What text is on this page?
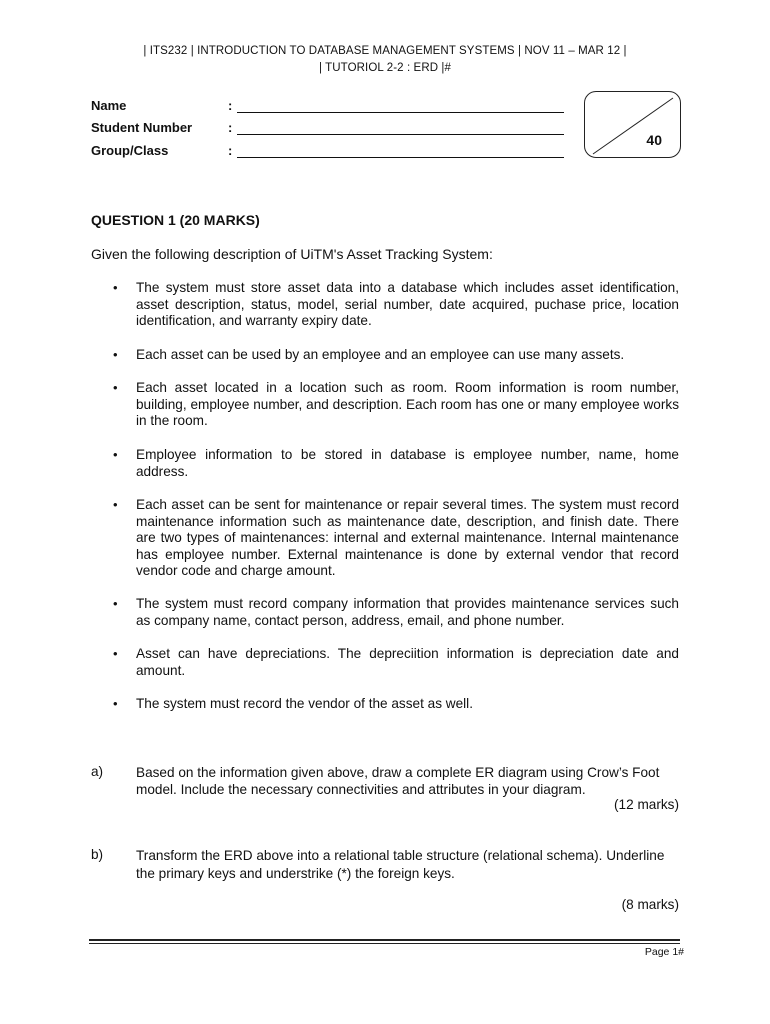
| ITS232 | INTRODUCTION TO DATABASE MANAGEMENT SYSTEMS | NOV 11 – MAR 12 |
| TUTORIOL 2-2 : ERD |#
Name	:
Student Number	:
Group/Class	:
40
QUESTION 1 (20 MARKS)
Given the following description of UiTM's Asset Tracking System:
• The system must store asset data into a database which includes asset identification, asset description, status, model, serial number, date acquired, puchase price, location identification, and warranty expiry date.
• Each asset can be used by an employee and an employee can use many assets.
• Each asset located in a location such as room. Room information is room number, building, employee number, and description. Each room has one or many employee works in the room.
• Employee information to be stored in database is employee number, name, home address.
• Each asset can be sent for maintenance or repair several times. The system must record maintenance information such as maintenance date, description, and finish date. There are two types of maintenances: internal and external maintenance. Internal maintenance has employee number. External maintenance is done by external vendor that record vendor code and charge amount.
• The system must record company information that provides maintenance services such as company name, contact person, address, email, and phone number.
• Asset can have depreciations. The depreciition information is depreciation date and amount.
• The system must record the vendor of the asset as well.
a) Based on the information given above, draw a complete ER diagram using Crow’s Foot model. Include the necessary connectivities and attributes in your diagram.
(12 marks)
b) Transform the ERD above into a relational table structure (relational schema). Underline the primary keys and understrike (*) the foreign keys.
(8 marks)
Page 1#
